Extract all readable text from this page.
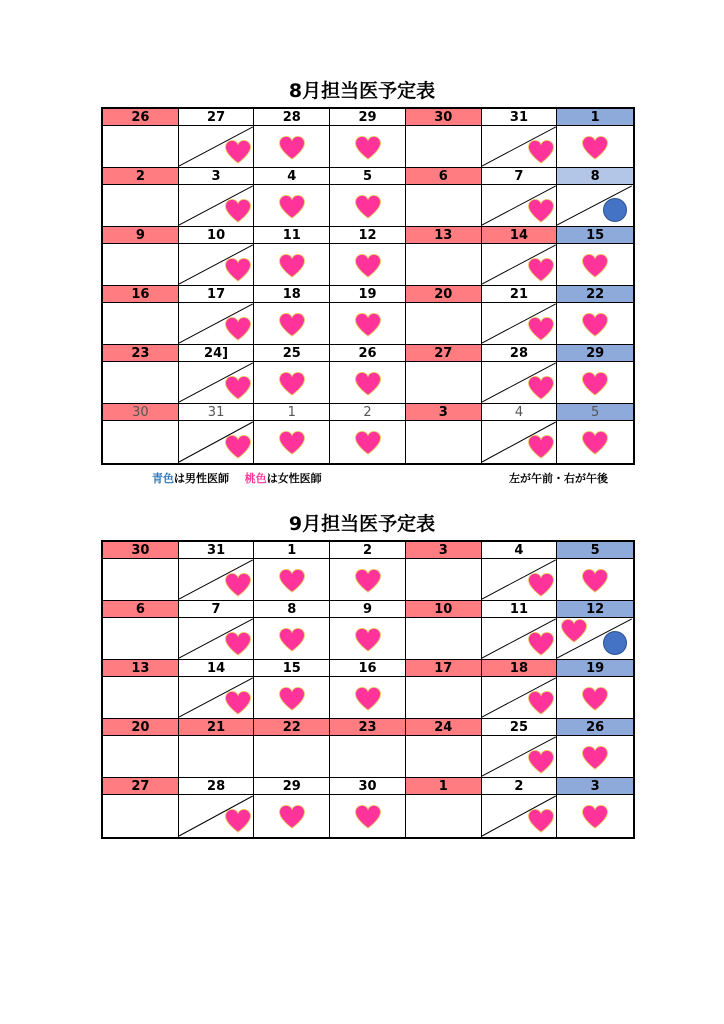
8月担当医予定表
26	27	28	29	30	31	1
2	3	4	5	6	7	8
9	10	11	12	13	14	15
16	17	18	19	20	21	22
23	24]	25	26	27	28	29
30	31	1	2	3	4	5
青色は男性医師 桃色は女性医師	左が午前・右が午後
9月担当医予定表
30	31	1	2	3	4	5
6	7	8	9	10	11	12
13	14	15	16	17	18	19
20	21	22	23	24	25	26
27	28	29	30	1	2	3
